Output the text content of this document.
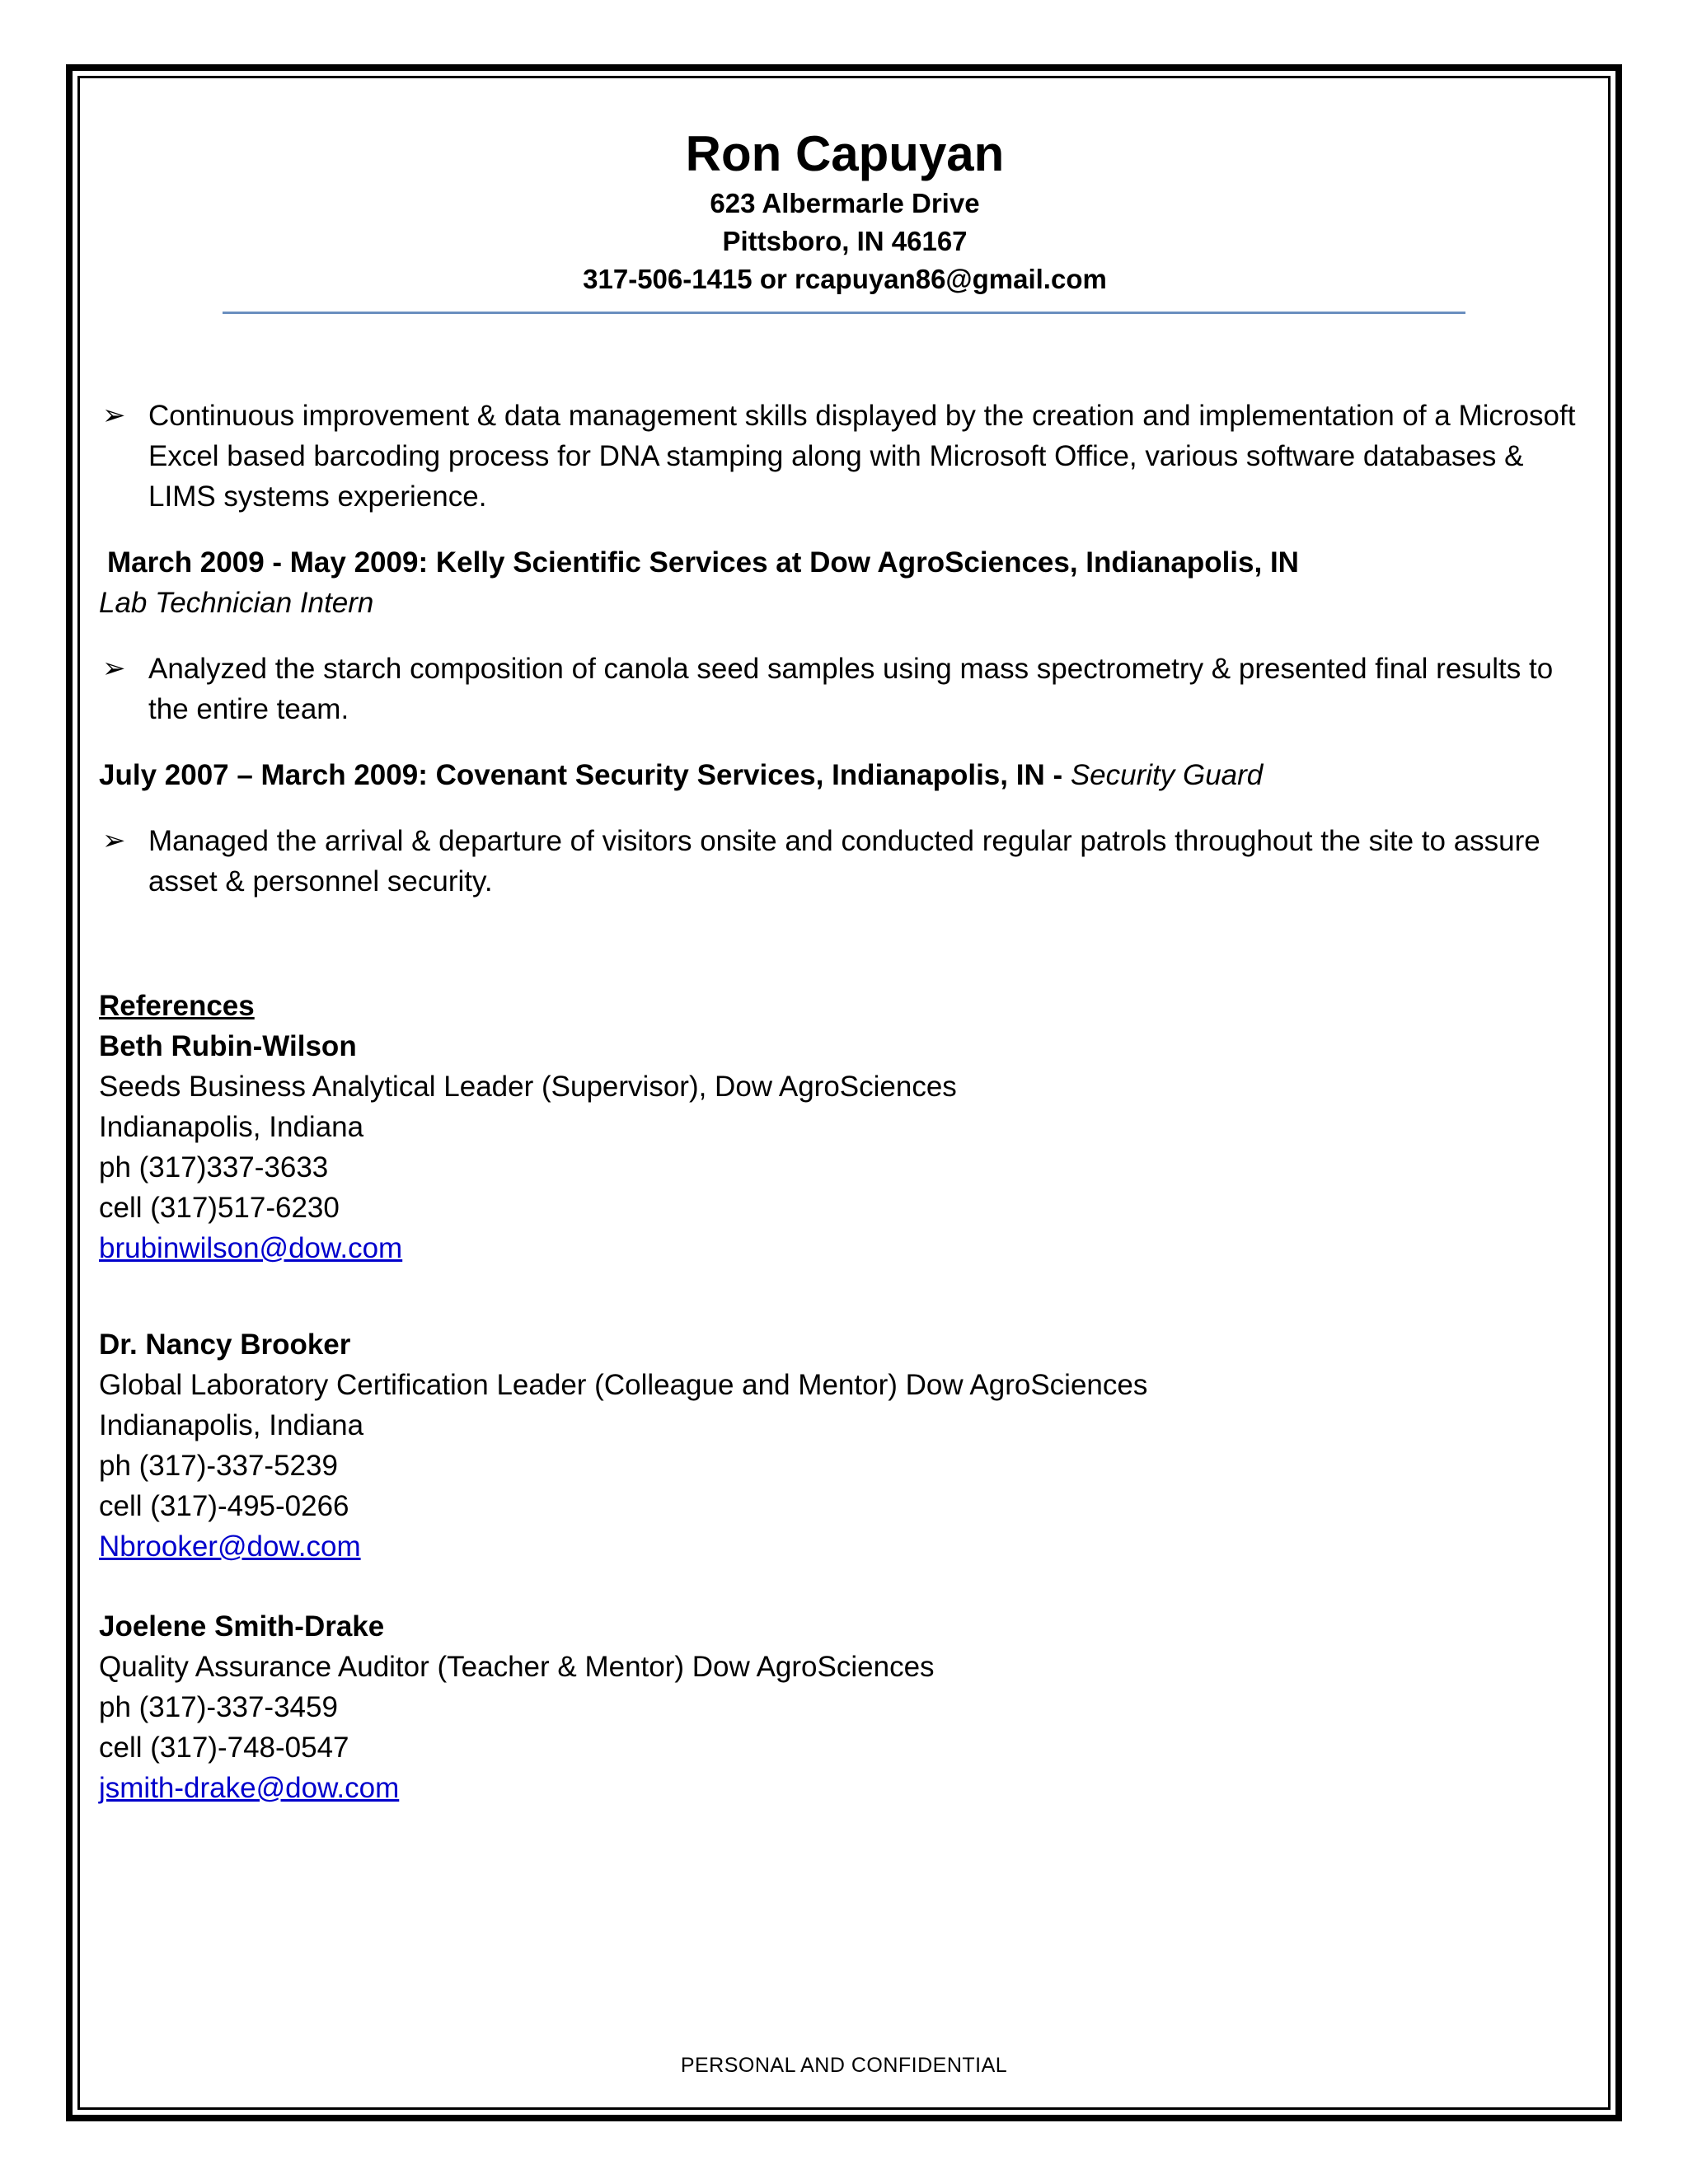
Ron Capuyan
623 Albermarle Drive
Pittsboro, IN 46167
317-506-1415 or rcapuyan86@gmail.com
➢ Continuous improvement & data management skills displayed by the creation and implementation of a Microsoft Excel based barcoding process for DNA stamping along with Microsoft Office, various software databases & LIMS systems experience.
March 2009 - May 2009: Kelly Scientific Services at Dow AgroSciences, Indianapolis, IN
Lab Technician Intern
➢ Analyzed the starch composition of canola seed samples using mass spectrometry & presented final results to the entire team.
July 2007 – March 2009: Covenant Security Services, Indianapolis, IN - Security Guard
➢ Managed the arrival & departure of visitors onsite and conducted regular patrols throughout the site to assure asset & personnel security.
References
Beth Rubin-Wilson
Seeds Business Analytical Leader (Supervisor), Dow AgroSciences
Indianapolis, Indiana
ph (317)337-3633
cell (317)517-6230
brubinwilson@dow.com
Dr. Nancy Brooker
Global Laboratory Certification Leader (Colleague and Mentor) Dow AgroSciences
Indianapolis, Indiana
ph (317)-337-5239
cell (317)-495-0266
Nbrooker@dow.com
Joelene Smith-Drake
Quality Assurance Auditor (Teacher & Mentor) Dow AgroSciences
ph (317)-337-3459
cell (317)-748-0547
jsmith-drake@dow.com
PERSONAL AND CONFIDENTIAL
